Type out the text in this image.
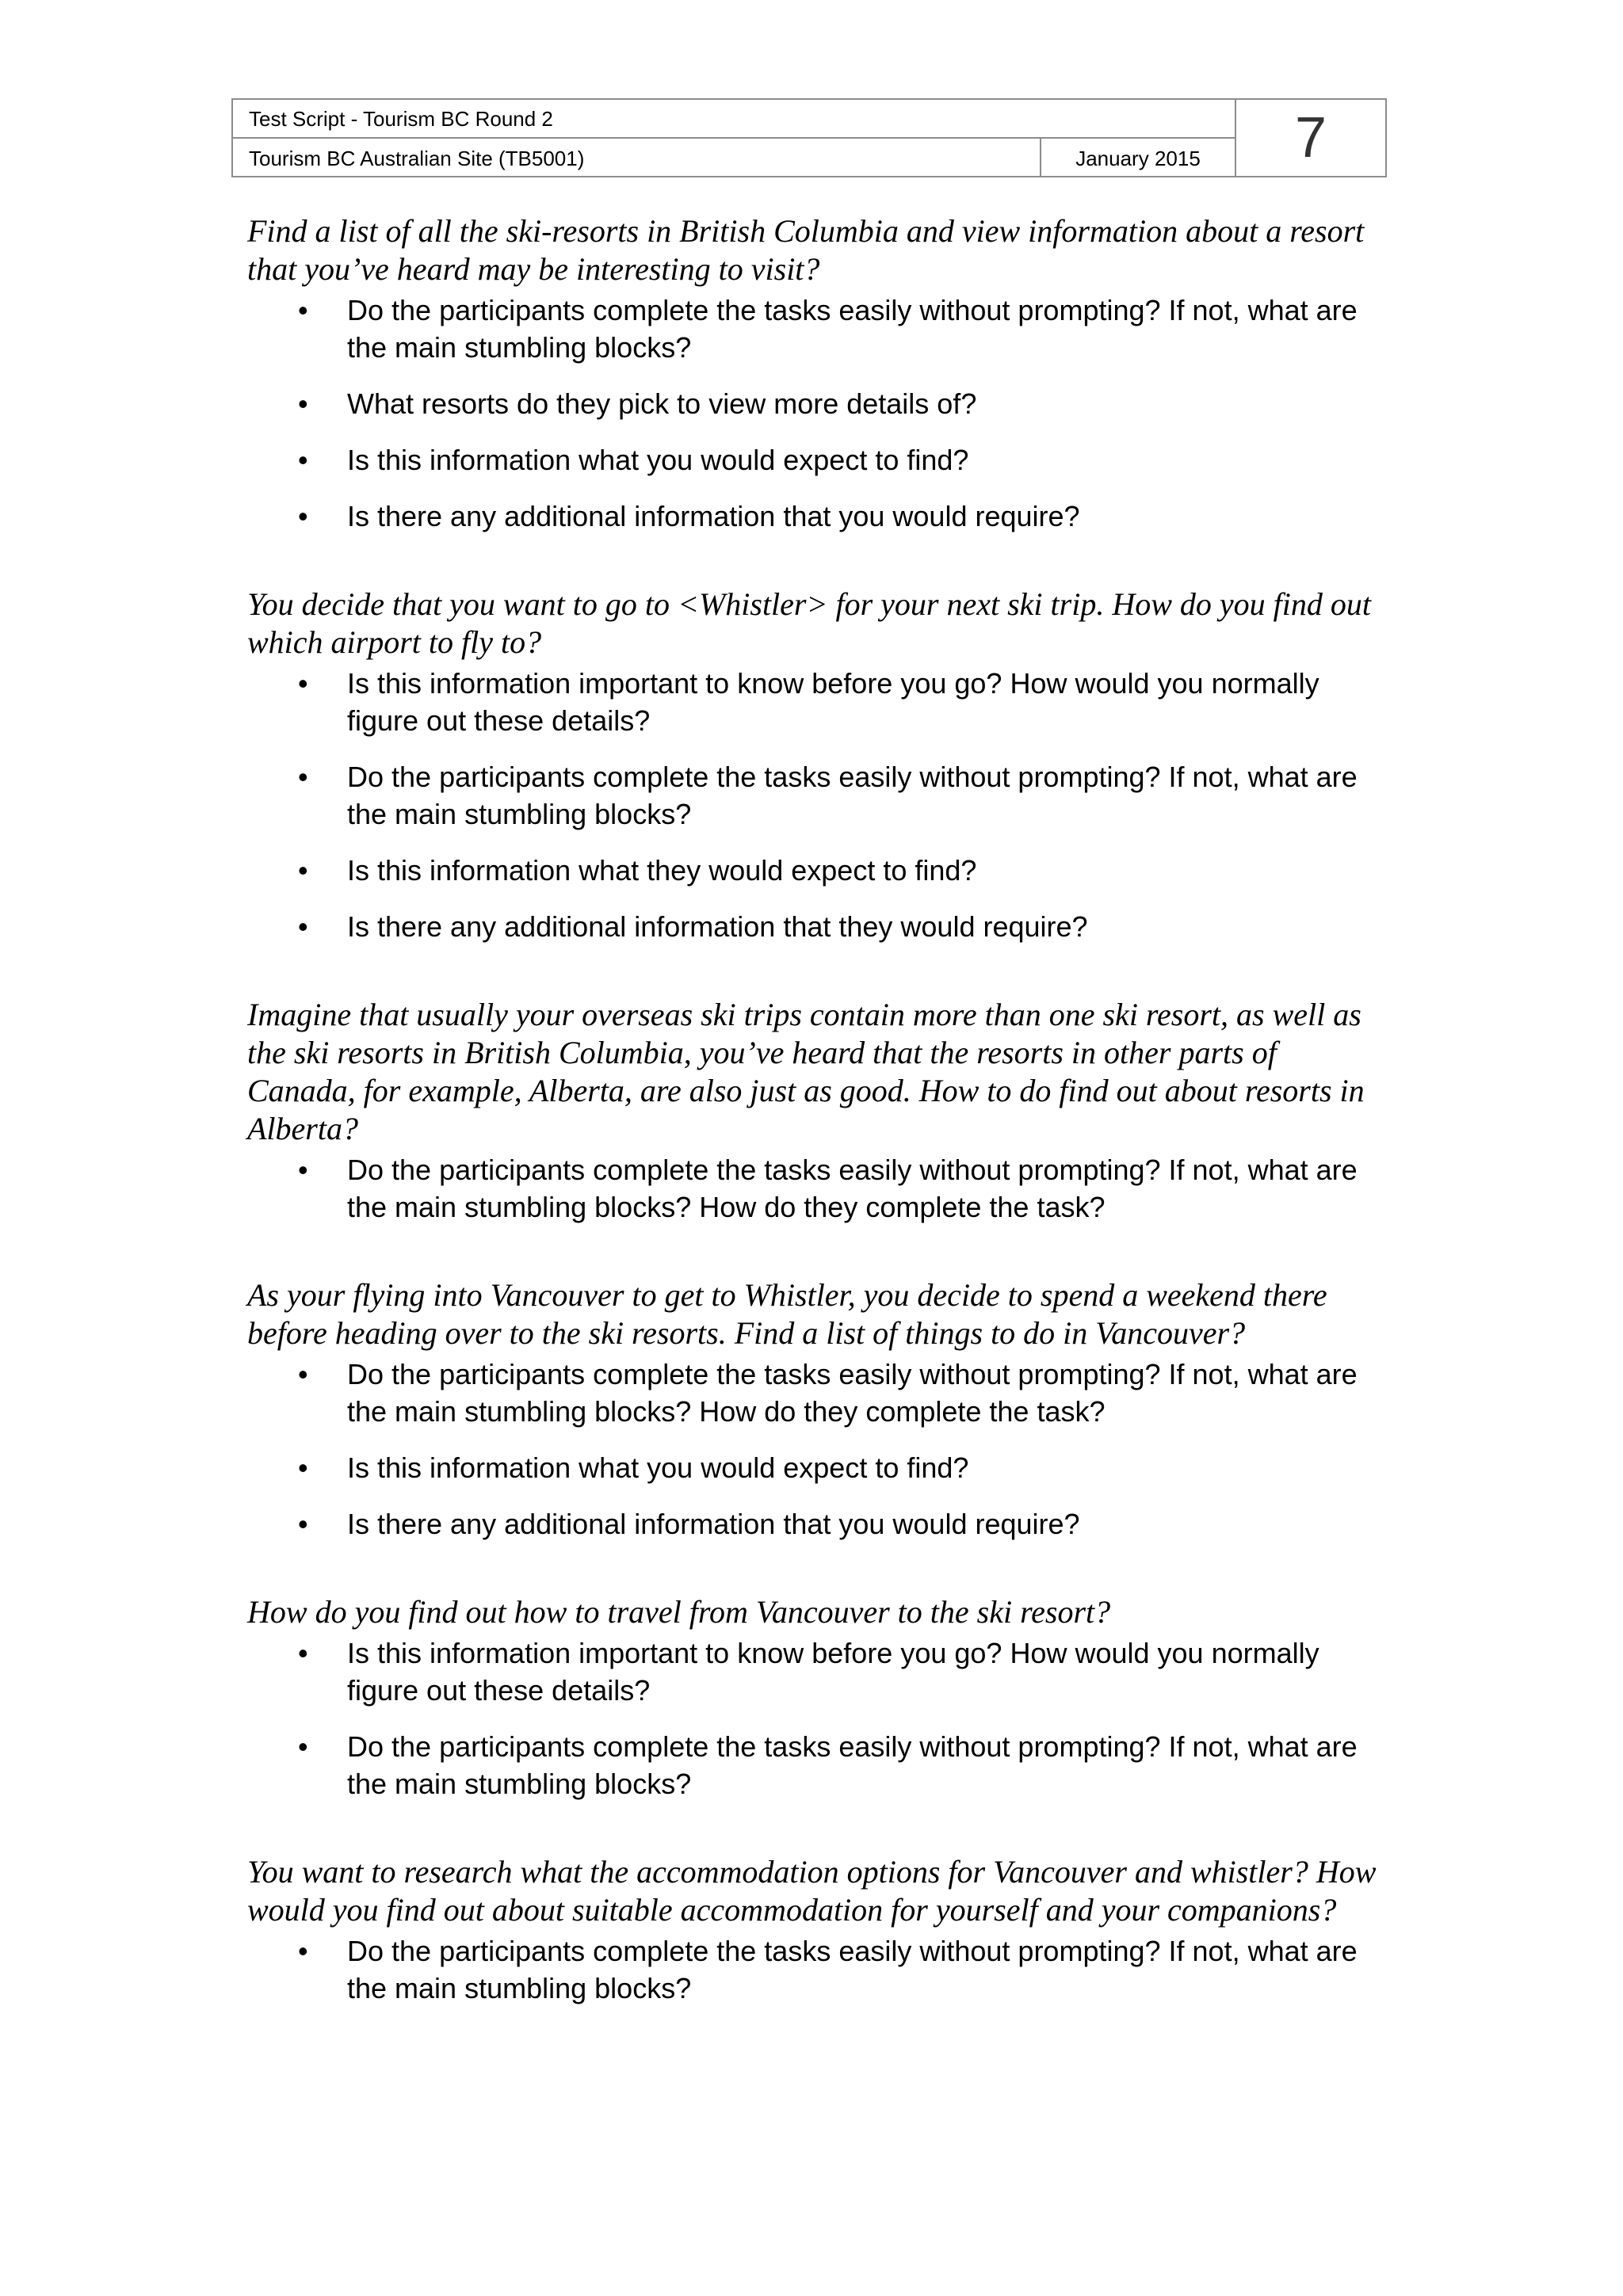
Test Script - Tourism BC Round 2
Tourism BC Australian Site (TB5001)	January 2015	7

Find a list of all the ski-resorts in British Columbia and view information about a resort that you’ve heard may be interesting to visit?

• Do the participants complete the tasks easily without prompting? If not, what are the main stumbling blocks?
• What resorts do they pick to view more details of?
• Is this information what you would expect to find?
• Is there any additional information that you would require?

You decide that you want to go to <Whistler> for your next ski trip. How do you find out which airport to fly to?

• Is this information important to know before you go? How would you normally figure out these details?
• Do the participants complete the tasks easily without prompting? If not, what are the main stumbling blocks?
• Is this information what they would expect to find?
• Is there any additional information that they would require?

Imagine that usually your overseas ski trips contain more than one ski resort, as well as the ski resorts in British Columbia, you’ve heard that the resorts in other parts of Canada, for example, Alberta, are also just as good. How to do find out about resorts in Alberta?

• Do the participants complete the tasks easily without prompting? If not, what are the main stumbling blocks? How do they complete the task?

As your flying into Vancouver to get to Whistler, you decide to spend a weekend there before heading over to the ski resorts. Find a list of things to do in Vancouver?

• Do the participants complete the tasks easily without prompting? If not, what are the main stumbling blocks? How do they complete the task?
• Is this information what you would expect to find?
• Is there any additional information that you would require?

How do you find out how to travel from Vancouver to the ski resort?

• Is this information important to know before you go? How would you normally figure out these details?
• Do the participants complete the tasks easily without prompting? If not, what are the main stumbling blocks?

You want to research what the accommodation options for Vancouver and whistler? How would you find out about suitable accommodation for yourself and your companions?

• Do the participants complete the tasks easily without prompting? If not, what are the main stumbling blocks?
